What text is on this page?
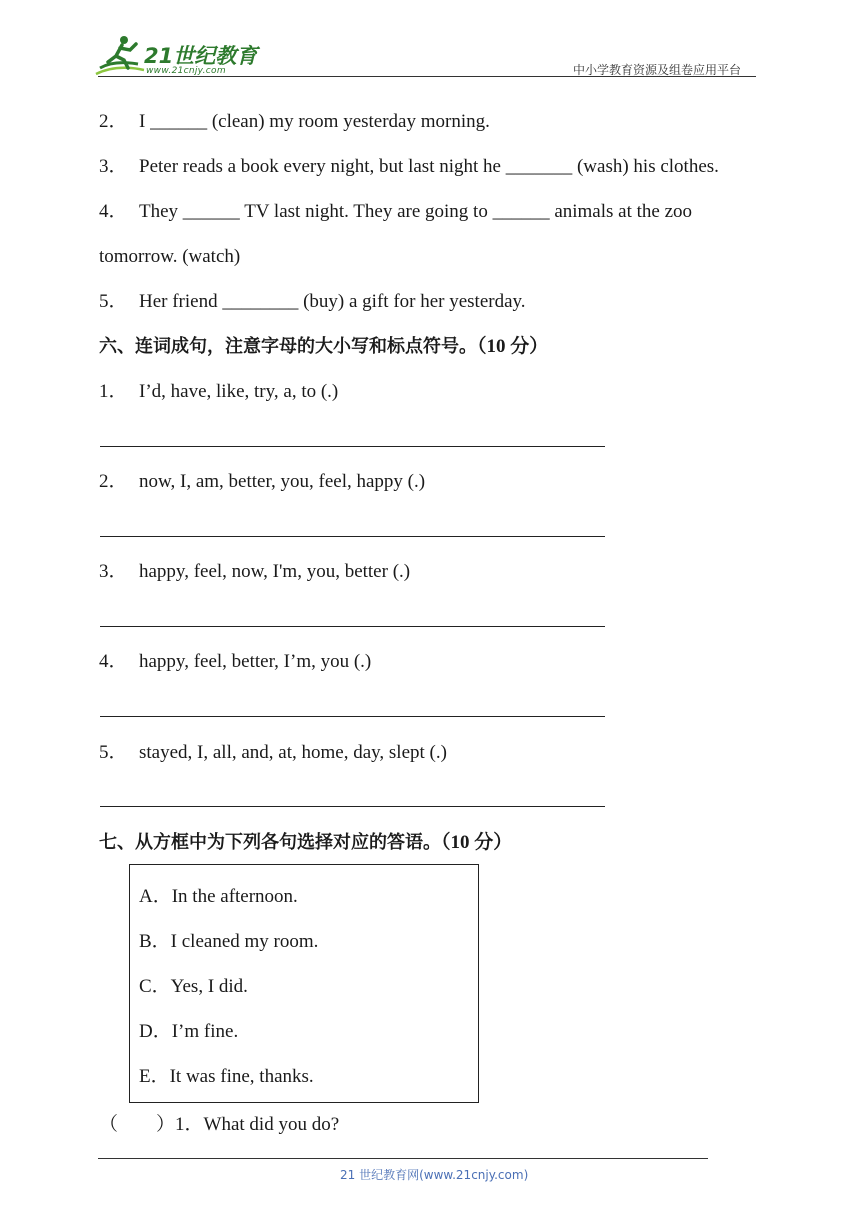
21世纪教育
www.21cnjy.com	中小学教育资源及组卷应用平台
2． I ______ (clean) my room yesterday morning.
3． Peter reads a book every night, but last night he _______ (wash) his clothes.
4． They ______ TV last night. They are going to ______ animals at the zoo
tomorrow. (watch)
5． Her friend ________ (buy) a gift for her yesterday.
六、连词成句，注意字母的大小写和标点符号。（10 分）
1． I’d, have, like, try, a, to (.)
2． now, I, am, better, you, feel, happy (.)
3． happy, feel, now, I'm, you, better (.)
4． happy, feel, better, I’m, you (.)
5． stayed, I, all, and, at, home, day, slept (.)
七、从方框中为下列各句选择对应的答语。（10 分）
A．In the afternoon.
B．I cleaned my room.
C．Yes, I did.
D．I’m fine.
E．It was fine, thanks.
（　　）1．What did you do?
21 世纪教育网(www.21cnjy.com)
